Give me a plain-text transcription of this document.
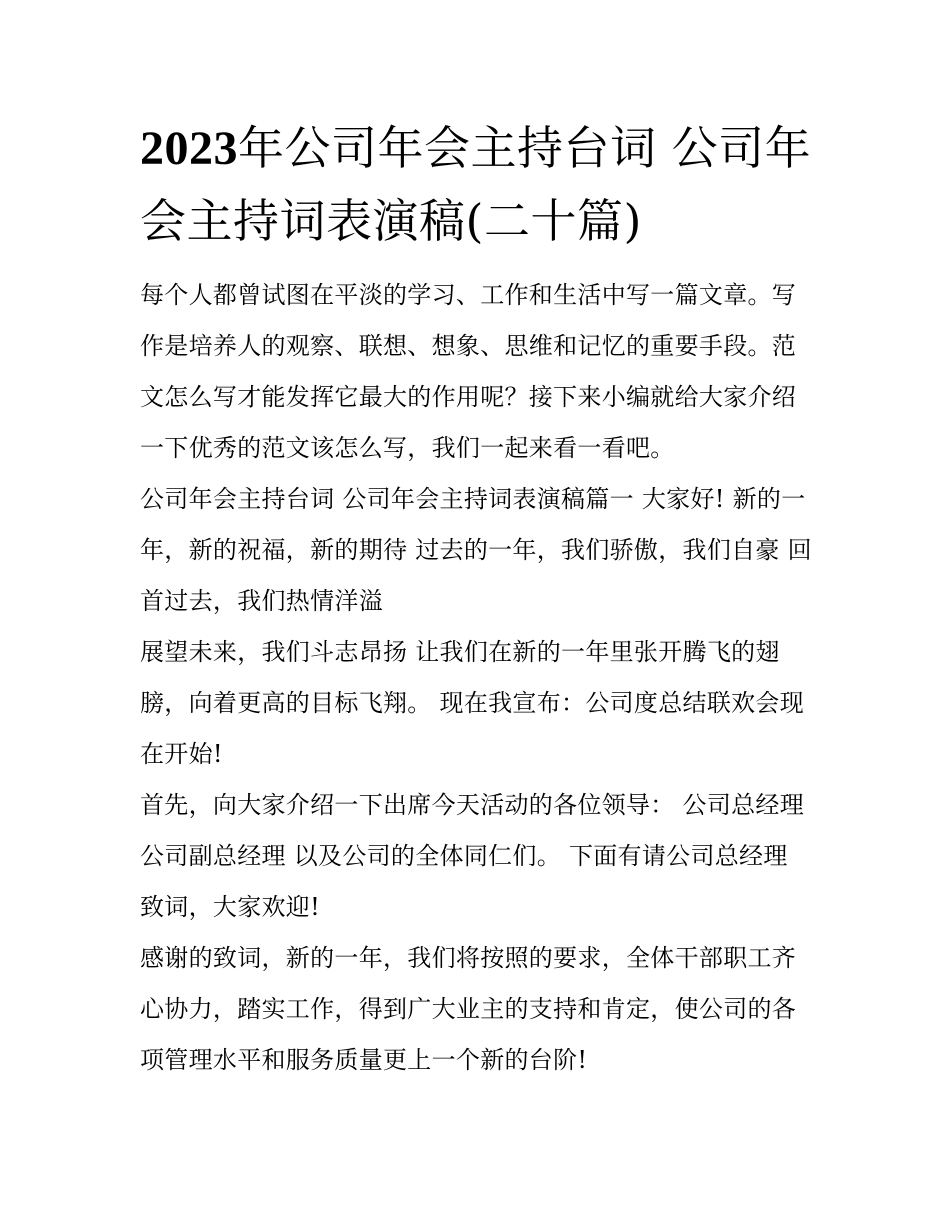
2023年公司年会主持台词 公司年会主持词表演稿(二十篇)

每个人都曾试图在平淡的学习、工作和生活中写一篇文章。写作是培养人的观察、联想、想象、思维和记忆的重要手段。范文怎么写才能发挥它最大的作用呢？接下来小编就给大家介绍一下优秀的范文该怎么写，我们一起来看一看吧。

公司年会主持台词 公司年会主持词表演稿篇一 大家好! 新的一年，新的祝福，新的期待 过去的一年，我们骄傲，我们自豪 回首过去，我们热情洋溢

展望未来，我们斗志昂扬 让我们在新的一年里张开腾飞的翅膀，向着更高的目标飞翔。 现在我宣布：公司度总结联欢会现在开始!

首先，向大家介绍一下出席今天活动的各位领导： 公司总经理 公司副总经理 以及公司的全体同仁们。 下面有请公司总经理 致词，大家欢迎!

感谢的致词，新的一年，我们将按照的要求，全体干部职工齐心协力，踏实工作，得到广大业主的支持和肯定，使公司的各项管理水平和服务质量更上一个新的台阶!
